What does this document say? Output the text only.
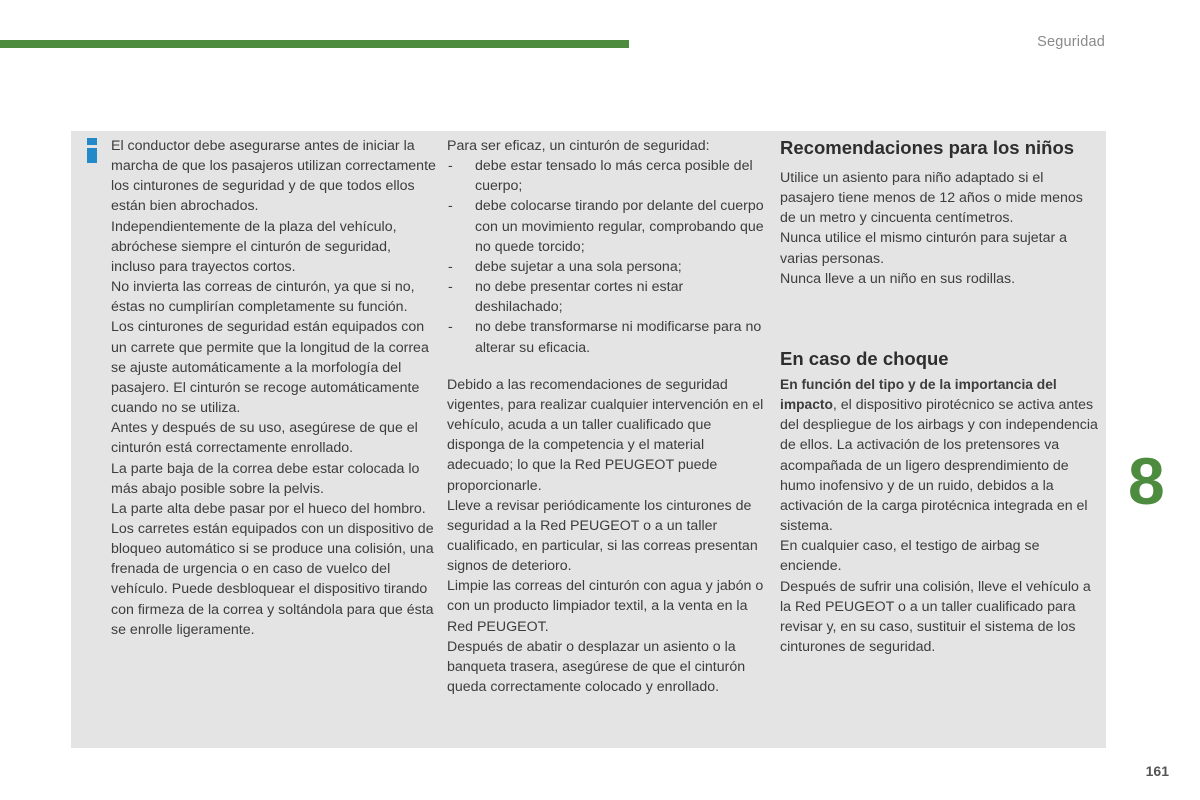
Seguridad

El conductor debe asegurarse antes de iniciar la marcha de que los pasajeros utilizan correctamente los cinturones de seguridad y de que todos ellos están bien abrochados.

Independientemente de la plaza del vehículo, abróchese siempre el cinturón de seguridad, incluso para trayectos cortos.

No invierta las correas de cinturón, ya que si no, éstas no cumplirían completamente su función.

Los cinturones de seguridad están equipados con un carrete que permite que la longitud de la correa se ajuste automáticamente a la morfología del pasajero. El cinturón se recoge automáticamente cuando no se utiliza.

Antes y después de su uso, asegúrese de que el cinturón está correctamente enrollado.

La parte baja de la correa debe estar colocada lo más abajo posible sobre la pelvis.

La parte alta debe pasar por el hueco del hombro.

Los carretes están equipados con un dispositivo de bloqueo automático si se produce una colisión, una frenada de urgencia o en caso de vuelco del vehículo. Puede desbloquear el dispositivo tirando con firmeza de la correa y soltándola para que ésta se enrolle ligeramente.

Para ser eficaz, un cinturón de seguridad:

- debe estar tensado lo más cerca posible del cuerpo;
- debe colocarse tirando por delante del cuerpo con un movimiento regular, comprobando que no quede torcido;
- debe sujetar a una sola persona;
- no debe presentar cortes ni estar deshilachado;
- no debe transformarse ni modificarse para no alterar su eficacia.

Debido a las recomendaciones de seguridad vigentes, para realizar cualquier intervención en el vehículo, acuda a un taller cualificado que disponga de la competencia y el material adecuado; lo que la Red PEUGEOT puede proporcionarle.

Lleve a revisar periódicamente los cinturones de seguridad a la Red PEUGEOT o a un taller cualificado, en particular, si las correas presentan signos de deterioro.

Limpie las correas del cinturón con agua y jabón o con un producto limpiador textil, a la venta en la Red PEUGEOT.

Después de abatir o desplazar un asiento o la banqueta trasera, asegúrese de que el cinturón queda correctamente colocado y enrollado.

Recomendaciones para los niños

Utilice un asiento para niño adaptado si el pasajero tiene menos de 12 años o mide menos de un metro y cincuenta centímetros.

Nunca utilice el mismo cinturón para sujetar a varias personas.

Nunca lleve a un niño en sus rodillas.

En caso de choque

En función del tipo y de la importancia del impacto, el dispositivo pirotécnico se activa antes del despliegue de los airbags y con independencia de ellos. La activación de los pretensores va acompañada de un ligero desprendimiento de humo inofensivo y de un ruido, debidos a la activación de la carga pirotécnica integrada en el sistema.

En cualquier caso, el testigo de airbag se enciende.

Después de sufrir una colisión, lleve el vehículo a la Red PEUGEOT o a un taller cualificado para revisar y, en su caso, sustituir el sistema de los cinturones de seguridad.

8
161
